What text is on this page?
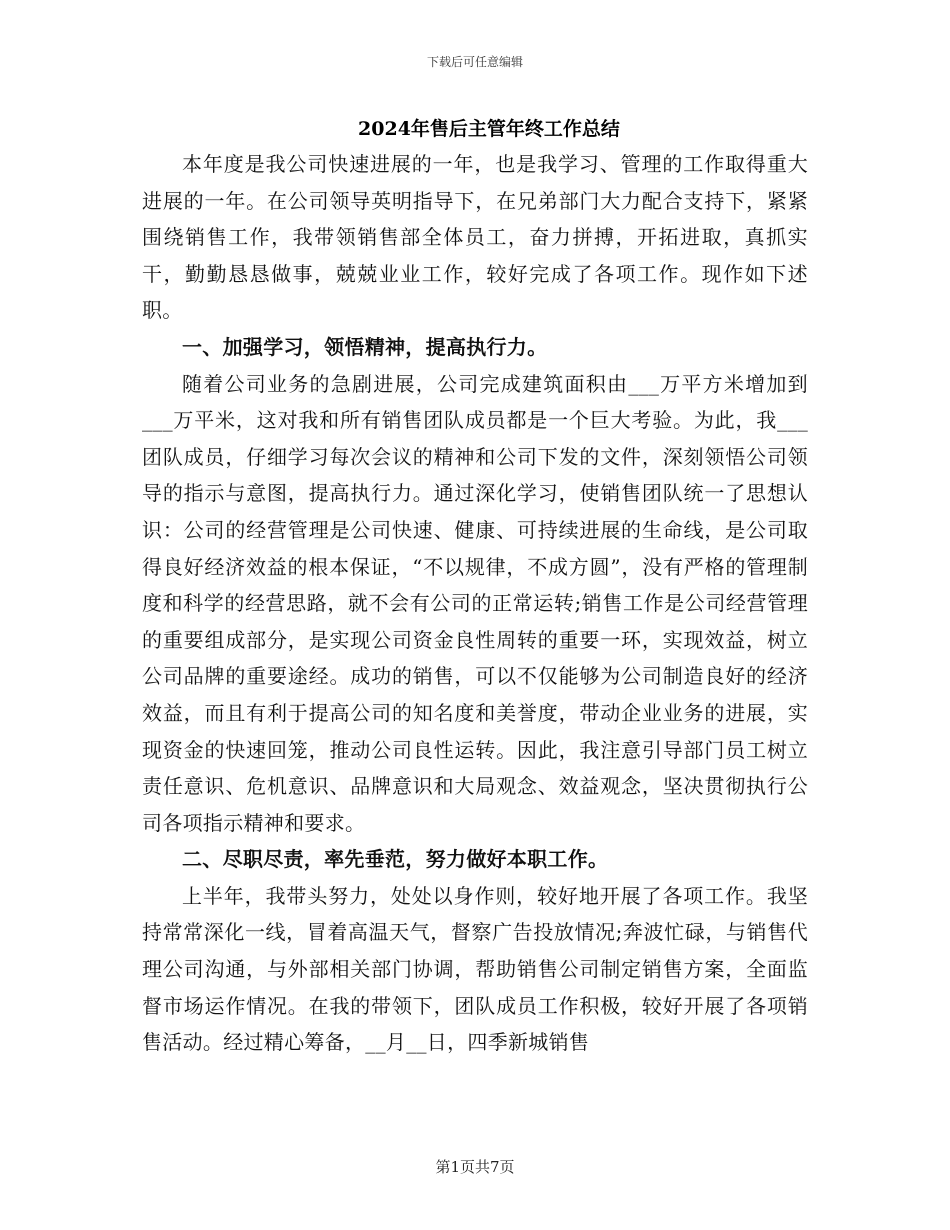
下载后可任意编辑
2024年售后主管年终工作总结

本年度是我公司快速进展的一年，也是我学习、管理的工作取得重大进展的一年。在公司领导英明指导下，在兄弟部门大力配合支持下，紧紧围绕销售工作，我带领销售部全体员工，奋力拼搏，开拓进取，真抓实干，勤勤恳恳做事，兢兢业业工作，较好完成了各项工作。现作如下述职。

一、加强学习，领悟精神，提高执行力。

随着公司业务的急剧进展，公司完成建筑面积由___万平方米增加到___万平米，这对我和所有销售团队成员都是一个巨大考验。为此，我___团队成员，仔细学习每次会议的精神和公司下发的文件，深刻领悟公司领导的指示与意图，提高执行力。通过深化学习，使销售团队统一了思想认识：公司的经营管理是公司快速、健康、可持续进展的生命线，是公司取得良好经济效益的根本保证，“不以规律，不成方圆”，没有严格的管理制度和科学的经营思路，就不会有公司的正常运转;销售工作是公司经营管理的重要组成部分，是实现公司资金良性周转的重要一环，实现效益，树立公司品牌的重要途经。成功的销售，可以不仅能够为公司制造良好的经济效益，而且有利于提高公司的知名度和美誉度，带动企业业务的进展，实现资金的快速回笼，推动公司良性运转。因此，我注意引导部门员工树立责任意识、危机意识、品牌意识和大局观念、效益观念，坚决贯彻执行公司各项指示精神和要求。

二、尽职尽责，率先垂范，努力做好本职工作。

上半年，我带头努力，处处以身作则，较好地开展了各项工作。我坚持常常深化一线，冒着高温天气，督察广告投放情况;奔波忙碌，与销售代理公司沟通，与外部相关部门协调，帮助销售公司制定销售方案，全面监督市场运作情况。在我的带领下，团队成员工作积极，较好开展了各项销售活动。经过精心筹备，__月__日，四季新城销售

第1页共7页
